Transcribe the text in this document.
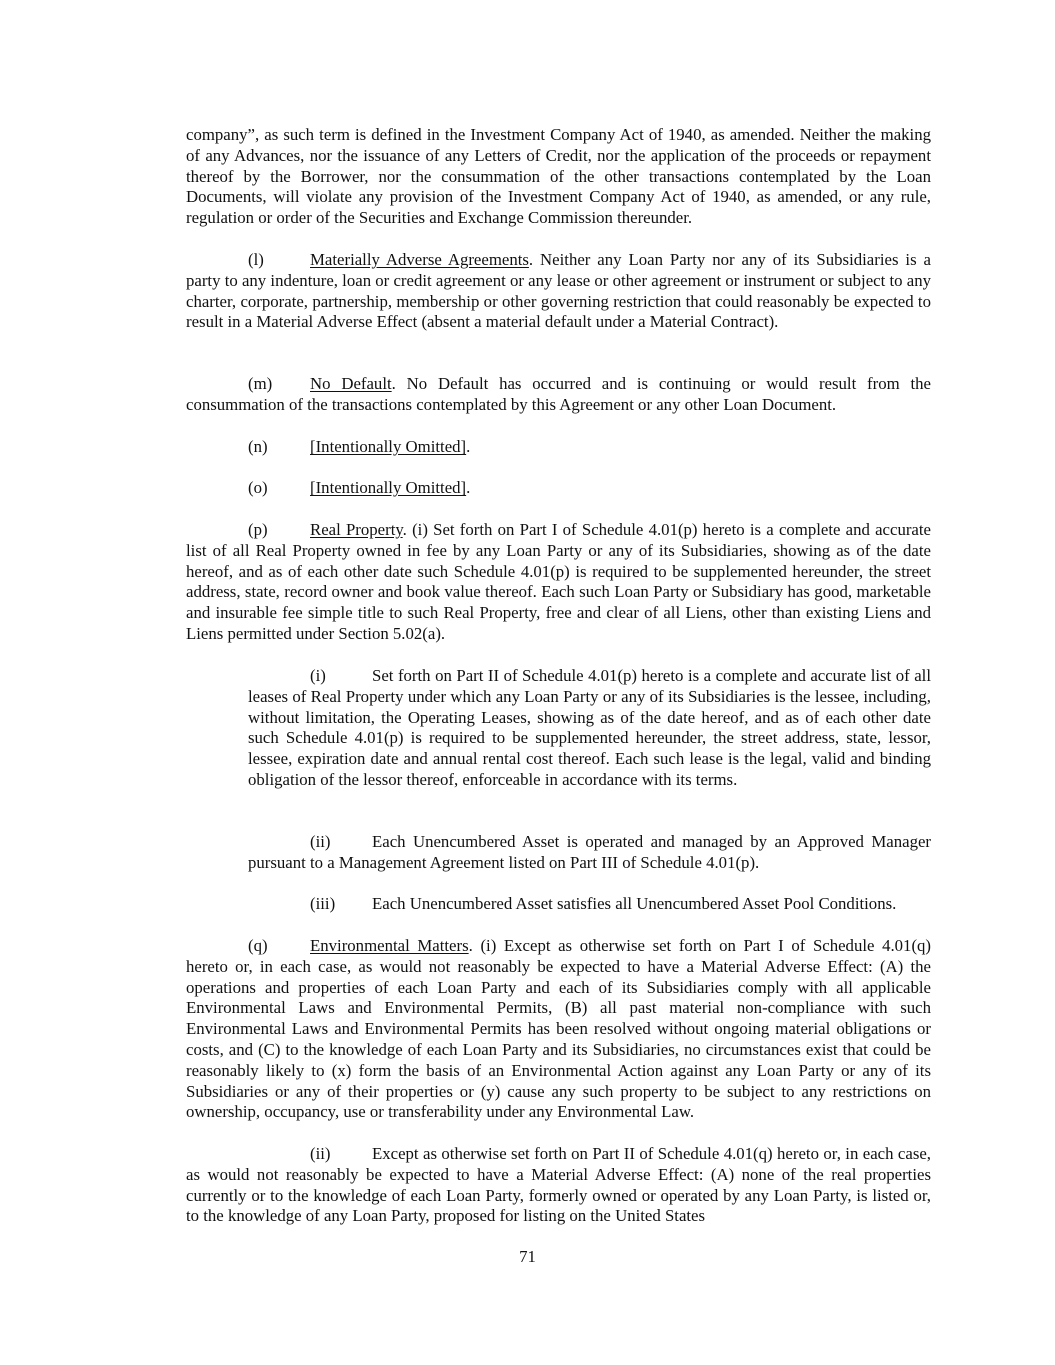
company”, as such term is defined in the Investment Company Act of 1940, as amended. Neither the making of any Advances, nor the issuance of any Letters of Credit, nor the application of the proceeds or repayment thereof by the Borrower, nor the consummation of the other transactions contemplated by the Loan Documents, will violate any provision of the Investment Company Act of 1940, as amended, or any rule, regulation or order of the Securities and Exchange Commission thereunder.

(l)	Materially Adverse Agreements. Neither any Loan Party nor any of its Subsidiaries is a party to any indenture, loan or credit agreement or any lease or other agreement or instrument or subject to any charter, corporate, partnership, membership or other governing restriction that could reasonably be expected to result in a Material Adverse Effect (absent a material default under a Material Contract).

(m) No Default. No Default has occurred and is continuing or would result from the consummation of the transactions contemplated by this Agreement or any other Loan Document.

(n)	[Intentionally Omitted].

(o)	[Intentionally Omitted].

(p)	Real Property. (i) Set forth on Part I of Schedule 4.01(p) hereto is a complete and accurate list of all Real Property owned in fee by any Loan Party or any of its Subsidiaries, showing as of the date hereof, and as of each other date such Schedule 4.01(p) is required to be supplemented hereunder, the street address, state, record owner and book value thereof. Each such Loan Party or Subsidiary has good, marketable and insurable fee simple title to such Real Property, free and clear of all Liens, other than existing Liens and Liens permitted under Section 5.02(a).

(i)	Set forth on Part II of Schedule 4.01(p) hereto is a complete and accurate list of all leases of Real Property under which any Loan Party or any of its Subsidiaries is the lessee, including, without limitation, the Operating Leases, showing as of the date hereof, and as of each other date such Schedule 4.01(p) is required to be supplemented hereunder, the street address, state, lessor, lessee, expiration date and annual rental cost thereof. Each such lease is the legal, valid and binding obligation of the lessor thereof, enforceable in accordance with its terms.

(ii) Each Unencumbered Asset is operated and managed by an Approved Manager pursuant to a Management Agreement listed on Part III of Schedule 4.01(p).

(iii) Each Unencumbered Asset satisfies all Unencumbered Asset Pool Conditions.

(q)	Environmental Matters. (i) Except as otherwise set forth on Part I of Schedule 4.01(q) hereto or, in each case, as would not reasonably be expected to have a Material Adverse Effect: (A) the operations and properties of each Loan Party and each of its Subsidiaries comply with all applicable Environmental Laws and Environmental Permits, (B) all past material non-compliance with such Environmental Laws and Environmental Permits has been resolved without ongoing material obligations or costs, and (C) to the knowledge of each Loan Party and its Subsidiaries, no circumstances exist that could be reasonably likely to (x) form the basis of an Environmental Action against any Loan Party or any of its Subsidiaries or any of their properties or (y) cause any such property to be subject to any restrictions on ownership, occupancy, use or transferability under any Environmental Law.

(ii) Except as otherwise set forth on Part II of Schedule 4.01(q) hereto or, in each case, as would not reasonably be expected to have a Material Adverse Effect: (A) none of the real properties currently or to the knowledge of each Loan Party, formerly owned or operated by any Loan Party, is listed or, to the knowledge of any Loan Party, proposed for listing on the United States

71
